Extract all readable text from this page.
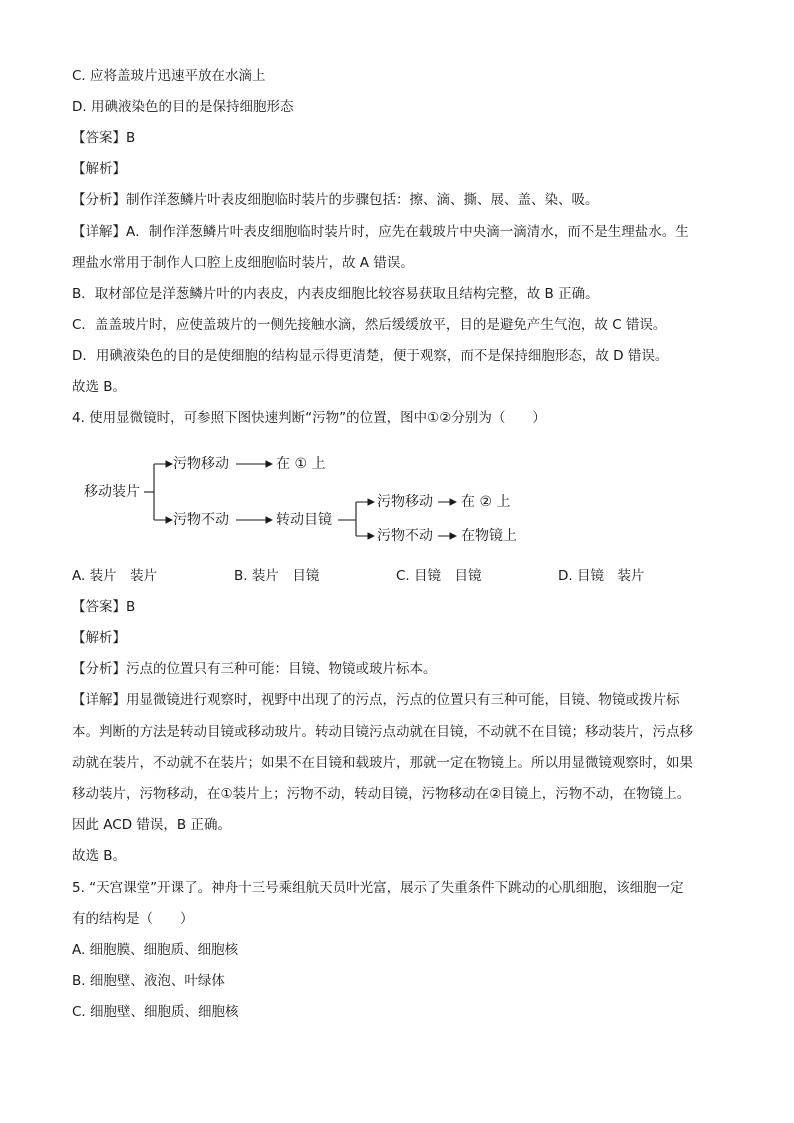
C. 应将盖玻片迅速平放在水滴上
D. 用碘液染色的目的是保持细胞形态
【答案】B
【解析】
【分析】制作洋葱鳞片叶表皮细胞临时装片的步骤包括：擦、滴、撕、展、盖、染、吸。
【详解】A．制作洋葱鳞片叶表皮细胞临时装片时，应先在载玻片中央滴一滴清水，而不是生理盐水。生
理盐水常用于制作人口腔上皮细胞临时装片，故 A 错误。
B．取材部位是洋葱鳞片叶的内表皮，内表皮细胞比较容易获取且结构完整，故 B 正确。
C．盖盖玻片时，应使盖玻片的一侧先接触水滴，然后缓缓放平，目的是避免产生气泡，故 C 错误。
D．用碘液染色的目的是使细胞的结构显示得更清楚，便于观察，而不是保持细胞形态，故 D 错误。
故选 B。
4. 使用显微镜时，可参照下图快速判断“污物”的位置，图中①②分别为（　　）
移动装片
污物移动	在 ① 上
污物不动	转动目镜
污物移动 在 ② 上
污物不动 在物镜上
A. 装片　装片	B. 装片　目镜	C. 目镜　目镜	D. 目镜　装片
【答案】B
【解析】
【分析】污点的位置只有三种可能：目镜、物镜或玻片标本。
【详解】用显微镜进行观察时，视野中出现了的污点，污点的位置只有三种可能，目镜、物镜或拨片标
本。判断的方法是转动目镜或移动玻片。转动目镜污点动就在目镜，不动就不在目镜；移动装片，污点移
动就在装片，不动就不在装片；如果不在目镜和载玻片，那就一定在物镜上。所以用显微镜观察时，如果
移动装片，污物移动，在①装片上；污物不动，转动目镜，污物移动在②目镜上，污物不动，在物镜上。
因此 ACD 错误，B 正确。
故选 B。
5. “天宫课堂”开课了。神舟十三号乘组航天员叶光富，展示了失重条件下跳动的心肌细胞，该细胞一定
有的结构是（　　）
A. 细胞膜、细胞质、细胞核
B. 细胞壁、液泡、叶绿体
C. 细胞壁、细胞质、细胞核
